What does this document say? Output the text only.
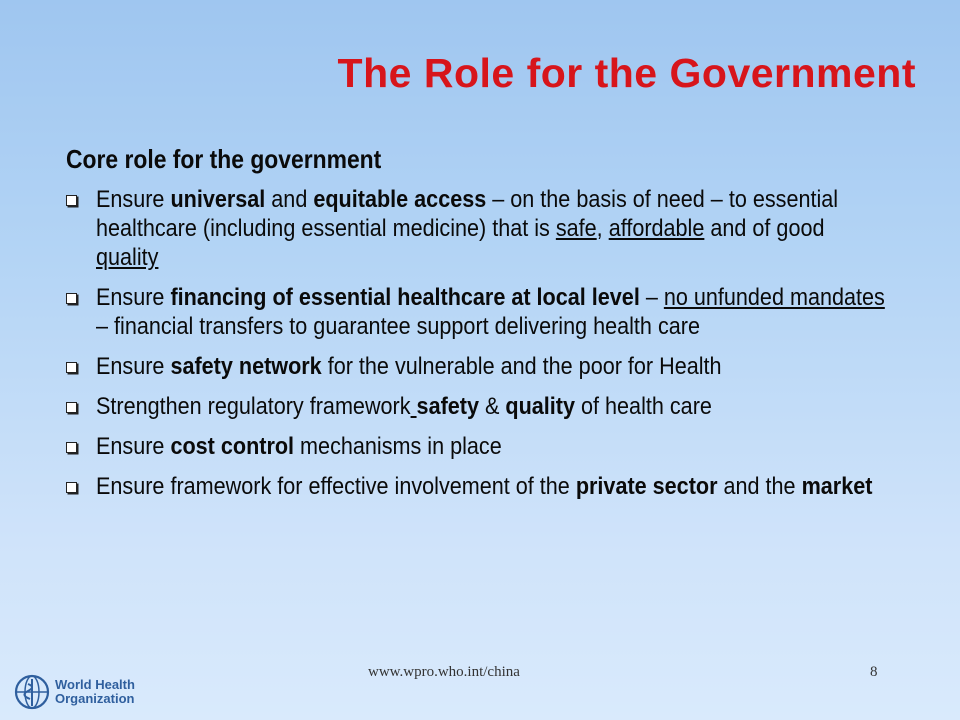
The Role for the Government
Core role for the government
Ensure universal and equitable access – on the basis of need – to essential healthcare (including essential medicine) that is safe, affordable and of good quality
Ensure financing of essential healthcare at local level – no unfunded mandates – financial transfers to guarantee support delivering health care
Ensure safety network for the vulnerable and the poor for Health
Strengthen regulatory framework safety & quality of health care
Ensure cost control mechanisms in place
Ensure framework for effective involvement of the private sector and the market
www.wpro.who.int/china	8
World Health
Organization
